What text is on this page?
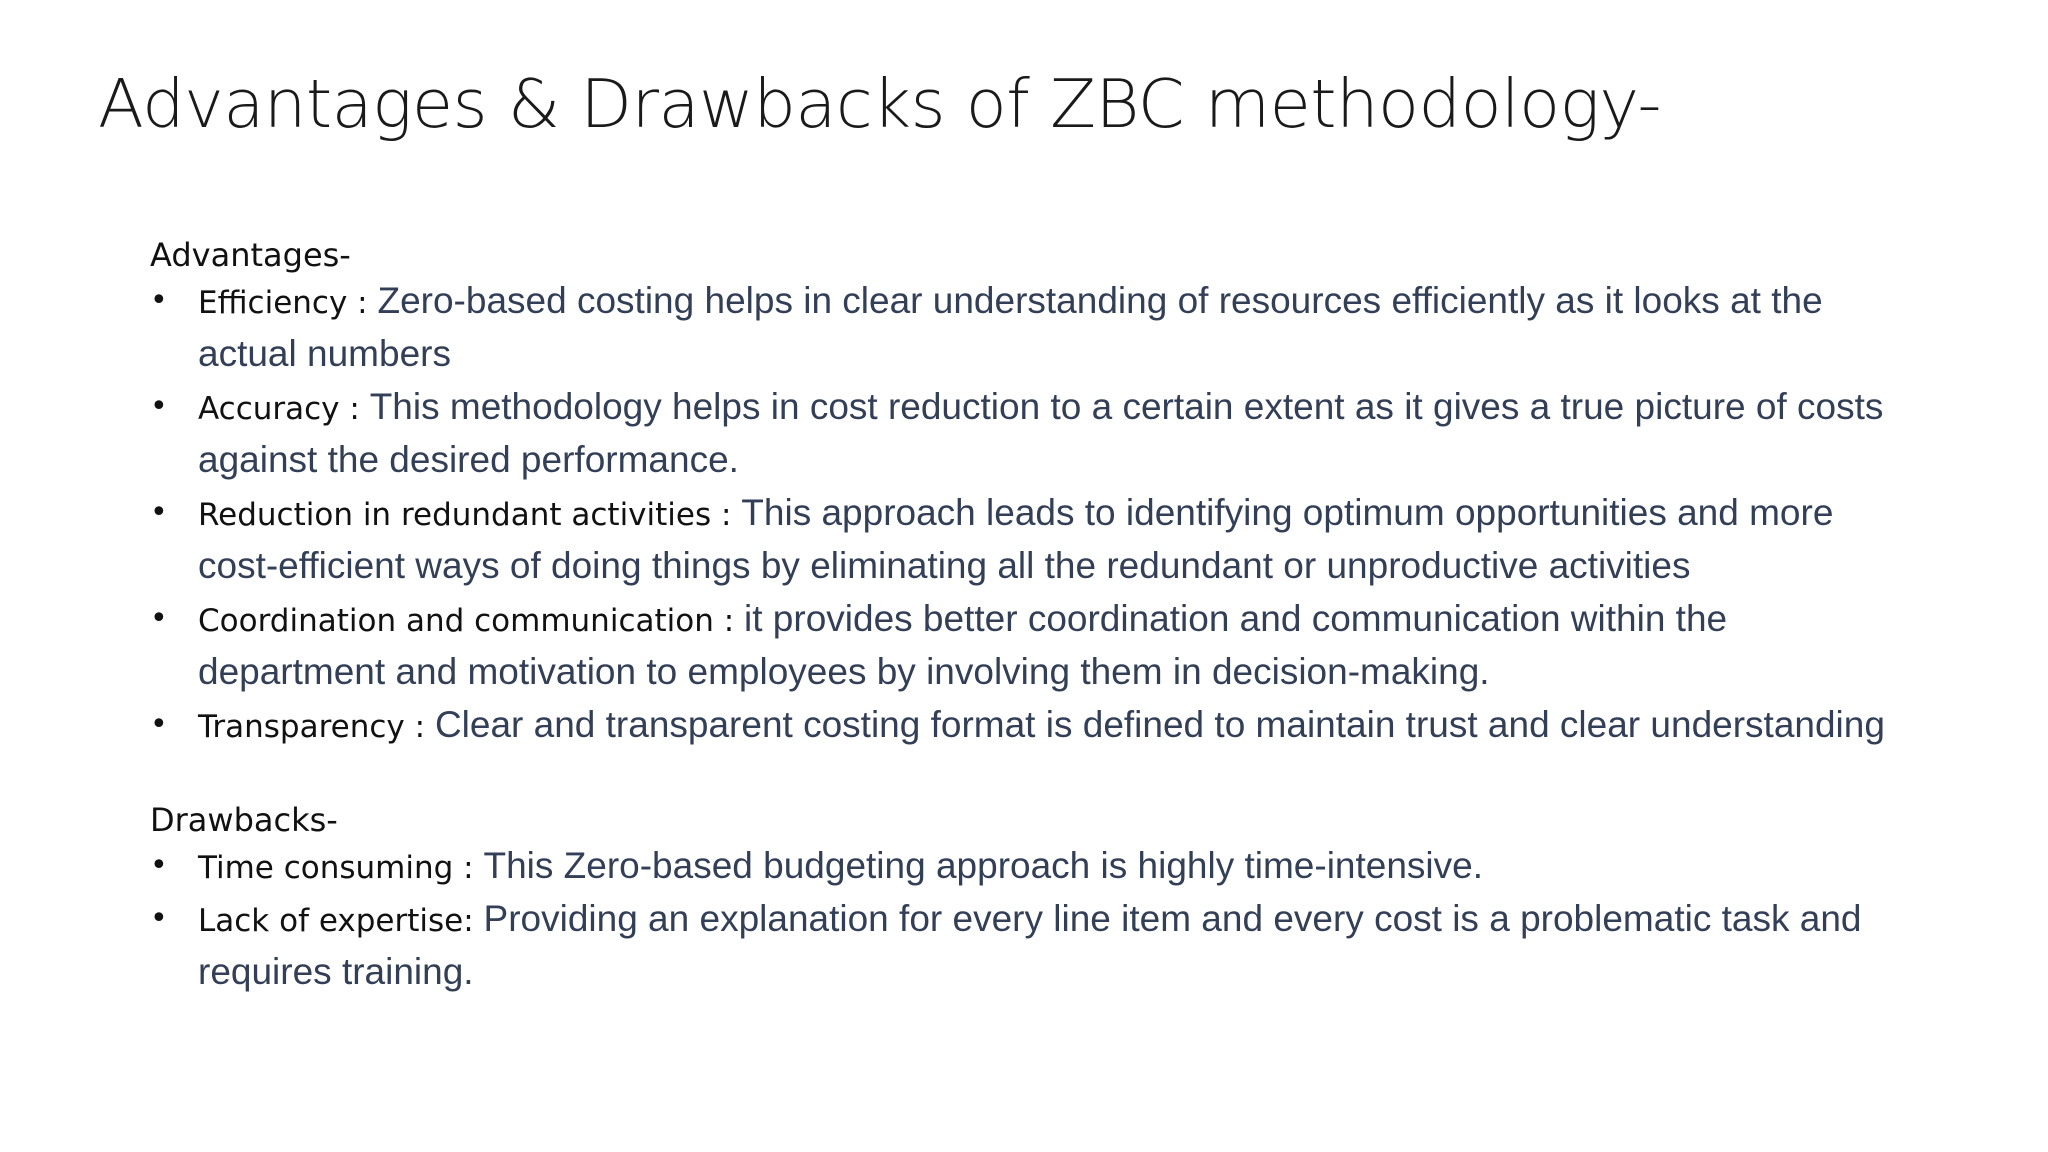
Advantages & Drawbacks of ZBC methodology-
Advantages-
• Efficiency : Zero-based costing helps in clear understanding of resources efficiently as it looks at the actual numbers
• Accuracy : This methodology helps in cost reduction to a certain extent as it gives a true picture of costs against the desired performance.
• Reduction in redundant activities : This approach leads to identifying optimum opportunities and more cost-efficient ways of doing things by eliminating all the redundant or unproductive activities
• Coordination and communication : it provides better coordination and communication within the department and motivation to employees by involving them in decision-making.
• Transparency : Clear and transparent costing format is defined to maintain trust and clear understanding
Drawbacks-
• Time consuming : This Zero-based budgeting approach is highly time-intensive.
• Lack of expertise: Providing an explanation for every line item and every cost is a problematic task and requires training.
